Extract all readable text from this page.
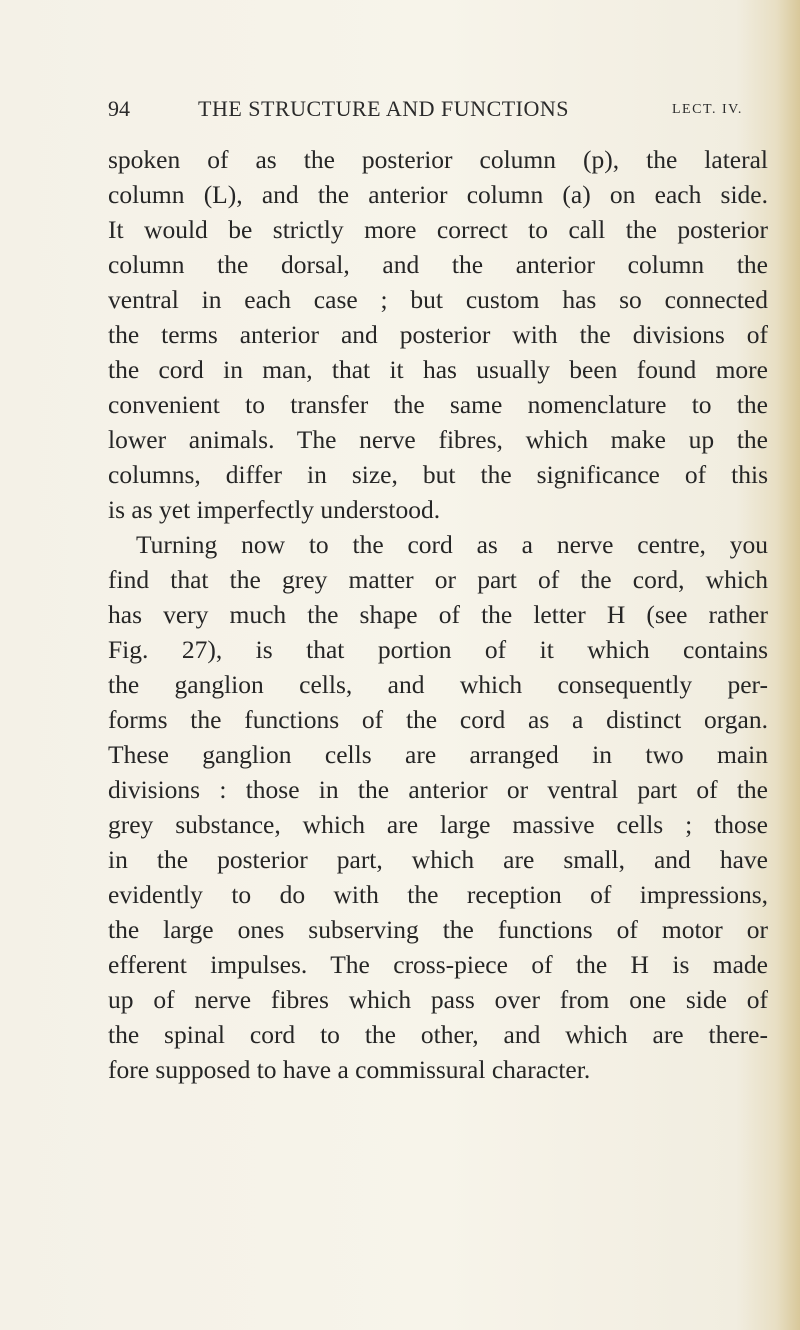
94	THE STRUCTURE AND FUNCTIONS	LECT. IV.
spoken of as the posterior column (p), the lateral
column (L), and the anterior column (a) on each side.
It would be strictly more correct to call the posterior
column the dorsal, and the anterior column the
ventral in each case ; but custom has so connected
the terms anterior and posterior with the divisions of
the cord in man, that it has usually been found more
convenient to transfer the same nomenclature to the
lower animals. The nerve fibres, which make up the
columns, differ in size, but the significance of this
is as yet imperfectly understood.
Turning now to the cord as a nerve centre, you
find that the grey matter or part of the cord, which
has very much the shape of the letter H (see rather
Fig. 27), is that portion of it which contains
the ganglion cells, and which consequently per-
forms the functions of the cord as a distinct organ.
These ganglion cells are arranged in two main
divisions : those in the anterior or ventral part of the
grey substance, which are large massive cells ; those
in the posterior part, which are small, and have
evidently to do with the reception of impressions,
the large ones subserving the functions of motor or
efferent impulses. The cross-piece of the H is made
up of nerve fibres which pass over from one side of
the spinal cord to the other, and which are there-
fore supposed to have a commissural character.
